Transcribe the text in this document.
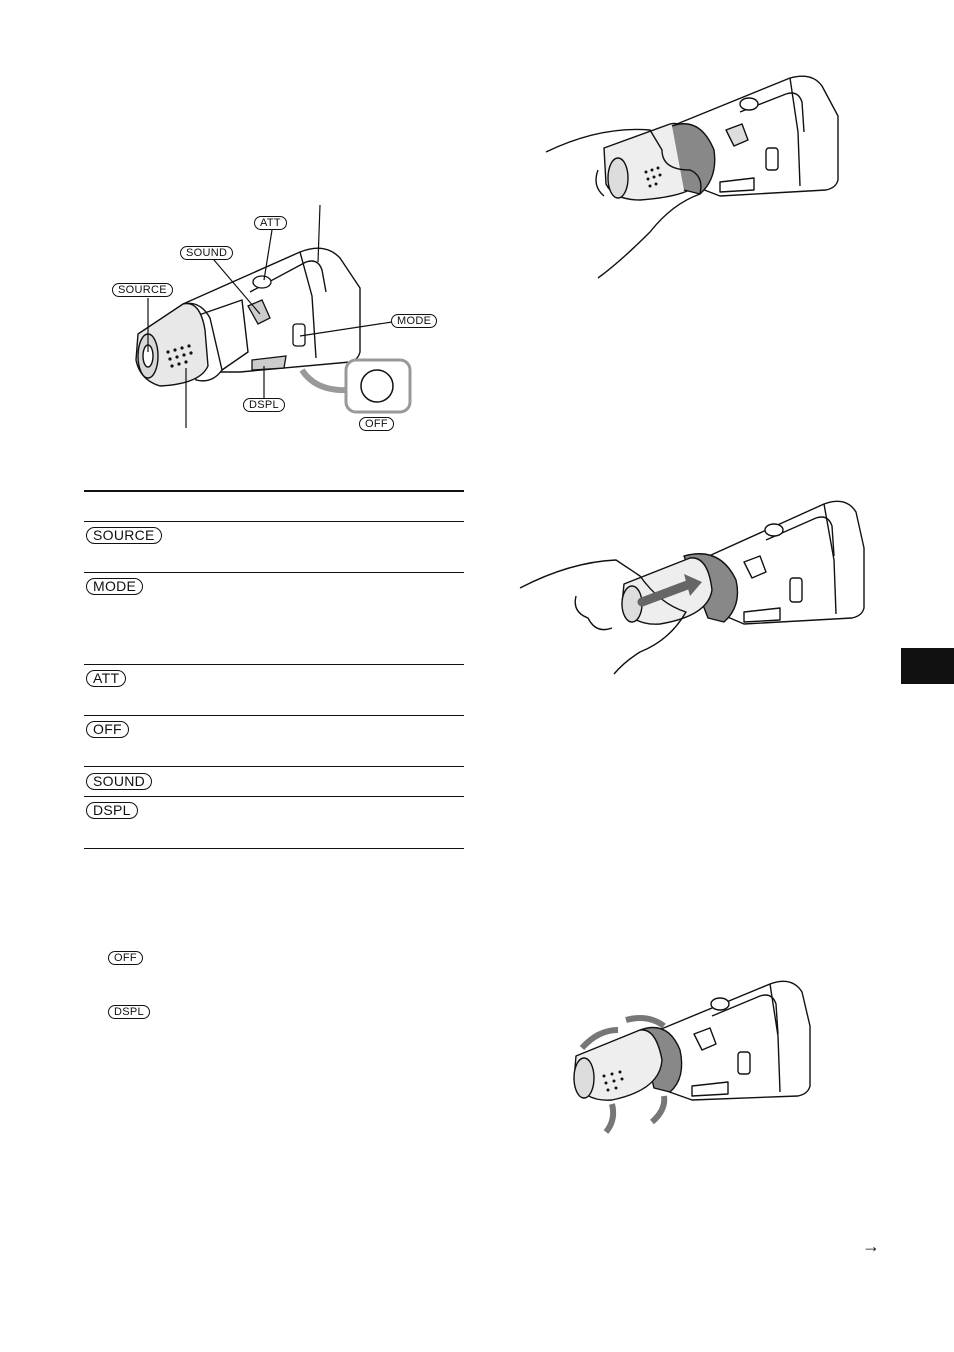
ATT
SOUND
SOURCE
MODE
DSPL
OFF
SOURCE
MODE
ATT
OFF
SOUND
DSPL
OFF
DSPL
→
